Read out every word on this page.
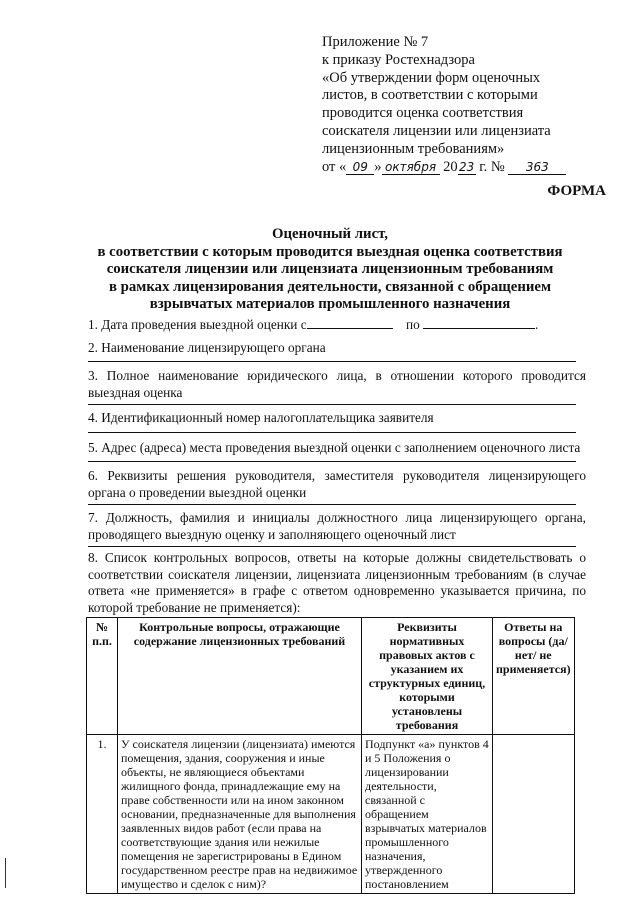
Приложение № 7
к приказу Ростехнадзора
«Об утверждении форм оценочных
листов, в соответствии с которыми
проводится оценка соответствия
соискателя лицензии или лицензиата
лицензионным требованиям»
от « 09 » октября 2023 г. № 363
ФОРМА
Оценочный лист,
в соответствии с которым проводится выездная оценка соответствия
соискателя лицензии или лицензиата лицензионным требованиям
в рамках лицензирования деятельности, связанной с обращением
взрывчатых материалов промышленного назначения
1. Дата проведения выездной оценки с	по	.
2. Наименование лицензирующего органа
3. Полное наименование юридического лица, в отношении которого проводится выездная оценка
4. Идентификационный номер налогоплательщика заявителя
5. Адрес (адреса) места проведения выездной оценки с заполнением оценочного листа
6. Реквизиты решения руководителя, заместителя руководителя лицензирующего органа о проведении выездной оценки
7. Должность, фамилия и инициалы должностного лица лицензирующего органа, проводящего выездную оценку и заполняющего оценочный лист
8. Список контрольных вопросов, ответы на которые должны свидетельствовать о соответствии соискателя лицензии, лицензиата лицензионным требованиям (в случае ответа «не применяется» в графе с ответом одновременно указывается причина, по которой требование не применяется):
№ п.п.	Контрольные вопросы, отражающие содержание лицензионных требований	Реквизиты нормативных правовых актов с указанием их структурных единиц, которыми установлены требования	Ответы на вопросы (да/нет/ не применяется)
1.	У соискателя лицензии (лицензиата) имеются помещения, здания, сооружения и иные объекты, не являющиеся объектами жилищного фонда, принадлежащие ему на праве собственности или на ином законном основании, предназначенные для выполнения заявленных видов работ (если права на соответствующие здания или нежилые помещения не зарегистрированы в Едином государственном реестре прав на недвижимое имущество и сделок с ним)?	Подпункт «а» пунктов 4 и 5 Положения о лицензировании деятельности, связанной с обращением взрывчатых материалов промышленного назначения, утвержденного постановлением	
